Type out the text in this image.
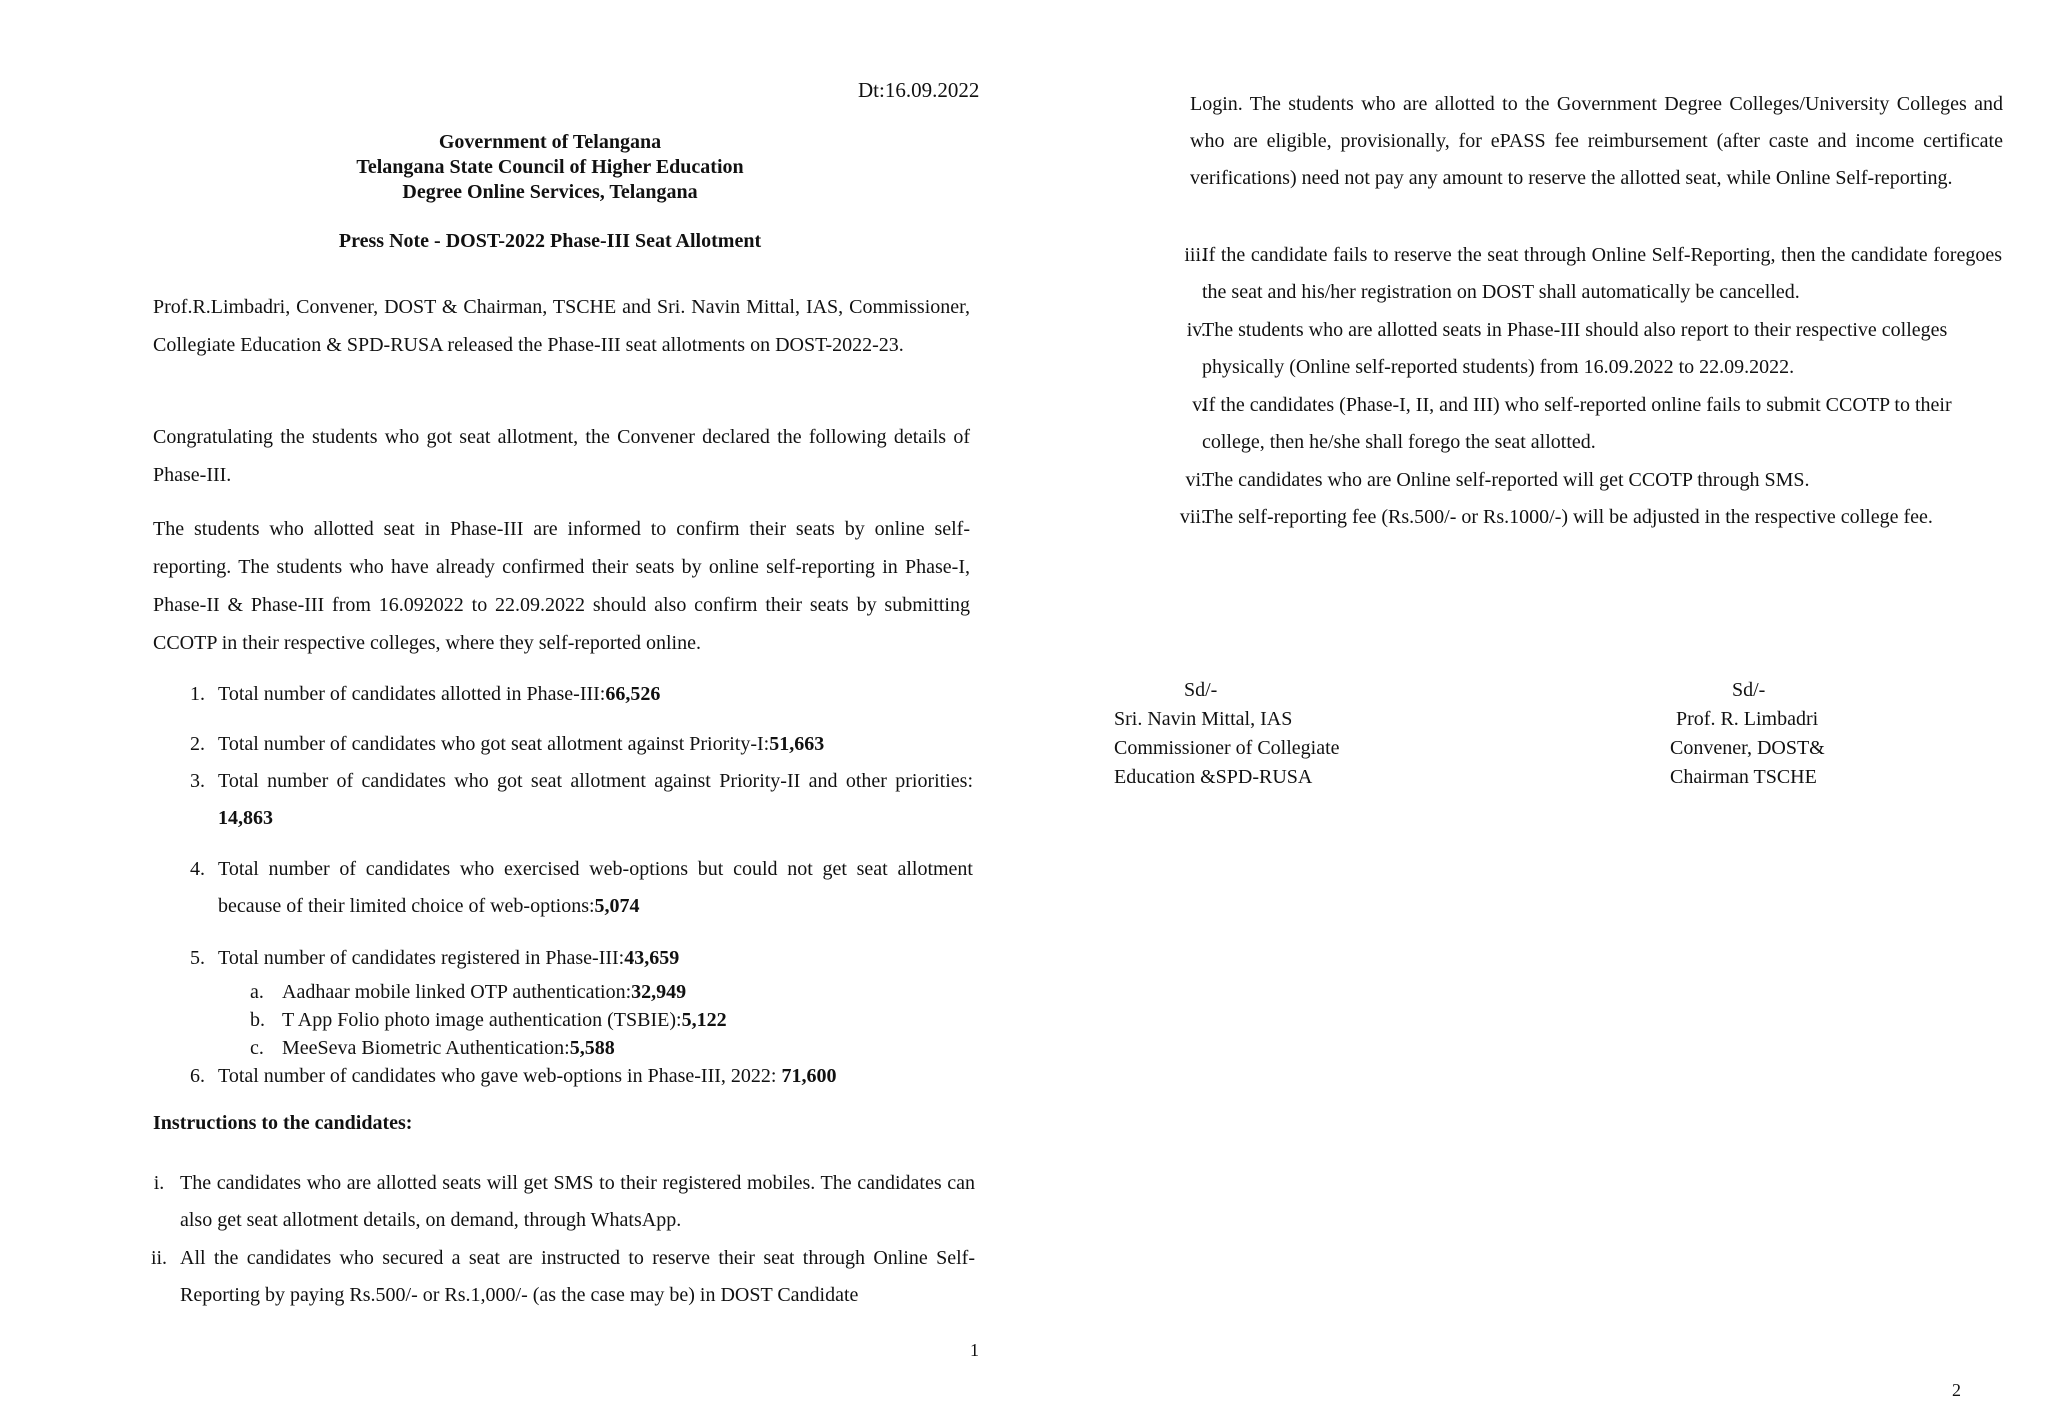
Dt:16.09.2022
Government of Telangana
Telangana State Council of Higher Education
Degree Online Services, Telangana
Press Note - DOST-2022 Phase-III Seat Allotment
Prof.R.Limbadri, Convener, DOST & Chairman, TSCHE and Sri. Navin Mittal, IAS, Commissioner, Collegiate Education & SPD-RUSA released the Phase-III seat allotments on DOST-2022-23.
Congratulating the students who got seat allotment, the Convener declared the following details of Phase-III.
The students who allotted seat in Phase-III are informed to confirm their seats by online self-reporting. The students who have already confirmed their seats by online self-reporting in Phase-I, Phase-II & Phase-III from 16.092022 to 22.09.2022 should also confirm their seats by submitting CCOTP in their respective colleges, where they self-reported online.
1. Total number of candidates allotted in Phase-III:66,526
2. Total number of candidates who got seat allotment against Priority-I:51,663
3. Total number of candidates who got seat allotment against Priority-II and other priorities: 14,863
4. Total number of candidates who exercised web-options but could not get seat allotment because of their limited choice of web-options:5,074
5. Total number of candidates registered in Phase-III:43,659
a. Aadhaar mobile linked OTP authentication:32,949
b. T App Folio photo image authentication (TSBIE):5,122
c. MeeSeva Biometric Authentication:5,588
6. Total number of candidates who gave web-options in Phase-III, 2022: 71,600
Instructions to the candidates:
i. The candidates who are allotted seats will get SMS to their registered mobiles. The candidates can also get seat allotment details, on demand, through WhatsApp.
ii. All the candidates who secured a seat are instructed to reserve their seat through Online Self-Reporting by paying Rs.500/- or Rs.1,000/- (as the case may be) in DOST Candidate
1
Login. The students who are allotted to the Government Degree Colleges/University Colleges and who are eligible, provisionally, for ePASS fee reimbursement (after caste and income certificate verifications) need not pay any amount to reserve the allotted seat, while Online Self-reporting.
iii.
If the candidate fails to reserve the seat through Online Self-Reporting, then the candidate foregoes the seat and his/her registration on DOST shall automatically be cancelled.
iv.
The students who are allotted seats in Phase-III should also report to their respective colleges physically (Online self-reported students) from 16.09.2022 to 22.09.2022.
v.
If the candidates (Phase-I, II, and III) who self-reported online fails to submit CCOTP to their college, then he/she shall forego the seat allotted.
vi.
The candidates who are Online self-reported will get CCOTP through SMS.
vii.
The self-reporting fee (Rs.500/- or Rs.1000/-) will be adjusted in the respective college fee.
Sd/-
Sri. Navin Mittal, IAS
Commissioner of Collegiate
Education &SPD-RUSA
Sd/-
Prof. R. Limbadri
Convener, DOST&
Chairman TSCHE
2
